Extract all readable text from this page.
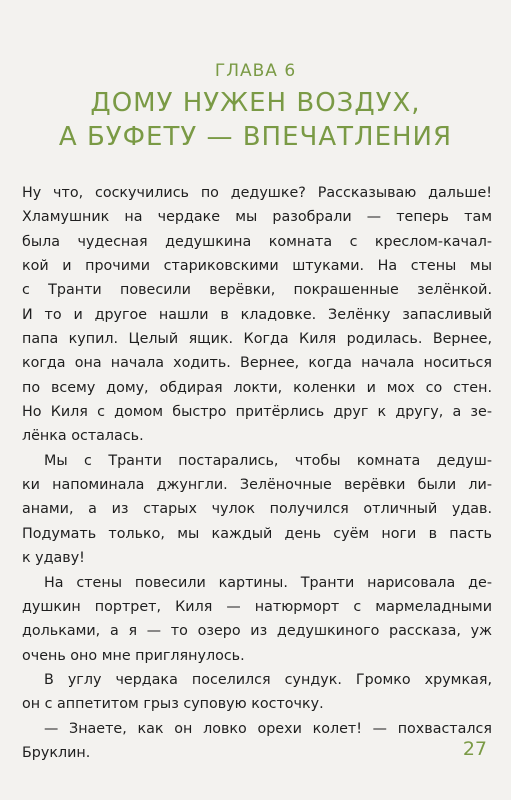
ГЛАВА 6
ДОМУ НУЖЕН ВОЗДУХ,
А БУФЕТУ — ВПЕЧАТЛЕНИЯ
Ну что, соскучились по дедушке? Рассказываю дальше!
Хламушник на чердаке мы разобрали — теперь там
была чудесная дедушкина комната с креслом-качал-
кой и прочими стариковскими штуками. На стены мы
с Транти повесили верёвки, покрашенные зелёнкой.
И то и другое нашли в кладовке. Зелёнку запасливый
папа купил. Целый ящик. Когда Киля родилась. Вернее,
когда она начала ходить. Вернее, когда начала носиться
по всему дому, обдирая локти, коленки и мох со стен.
Но Киля с домом быстро притёрлись друг к другу, а зе-
лёнка осталась.
Мы с Транти постарались, чтобы комната дедуш-
ки напоминала джунгли. Зелёночные верёвки были ли-
анами, а из старых чулок получился отличный удав.
Подумать только, мы каждый день суём ноги в пасть
к удаву!
На стены повесили картины. Транти нарисовала де-
душкин портрет, Киля — натюрморт с мармеладными
дольками, а я — то озеро из дедушкиного рассказа, уж
очень оно мне приглянулось.
В углу чердака поселился сундук. Громко хрумкая,
он с аппетитом грыз суповую косточку.
— Знаете, как он ловко орехи колет! — похвастался
Бруклин.	27
